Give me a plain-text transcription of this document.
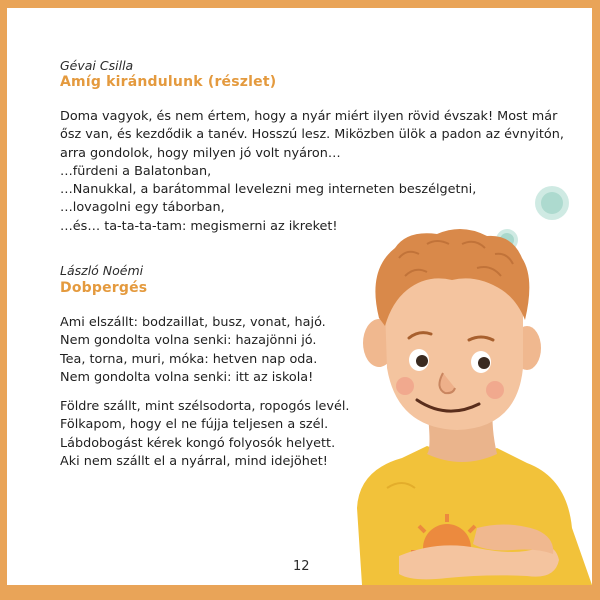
Gévai Csilla
Amíg kirándulunk (részlet)
Doma vagyok, és nem értem, hogy a nyár miért ilyen rövid évszak! Most már
ősz van, és kezdődik a tanév. Hosszú lesz. Miközben ülök a padon az évnyitón,
arra gondolok, hogy milyen jó volt nyáron…
…fürdeni a Balatonban,
…Nanukkal, a barátommal levelezni meg interneten beszélgetni,
…lovagolni egy táborban,
…és… ta-ta-ta-tam: megismerni az ikreket!
László Noémi
Dobpergés
Ami elszállt: bodzaillat, busz, vonat, hajó.
Nem gondolta volna senki: hazajönni jó.
Tea, torna, muri, móka: hetven nap oda.
Nem gondolta volna senki: itt az iskola!
Földre szállt, mint szélsodorta, ropogós levél.
Fölkapom, hogy el ne fújja teljesen a szél.
Lábdobogást kérek kongó folyosók helyett.
Aki nem szállt el a nyárral, mind idejöhet!
12
